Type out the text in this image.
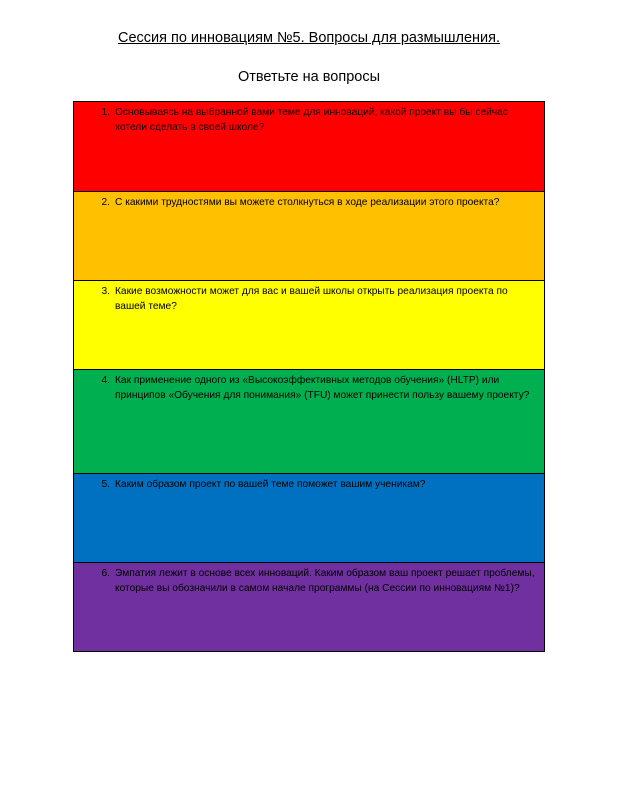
Сессия по инновациям №5. Вопросы для размышления.
Ответьте на вопросы
1. Основываясь на выбранной вами теме для инноваций, какой проект вы бы сейчас хотели сделать в своей школе?
2. С какими трудностями вы можете столкнуться в ходе реализации этого проекта?
3. Какие возможности может для вас и вашей школы открыть реализация проекта по вашей теме?
4. Как применение одного из «Высокоэффективных методов обучения» (HLTP) или принципов «Обучения для понимания» (TFU) может принести пользу вашему проекту?
5. Каким образом проект по вашей теме поможет вашим ученикам?
6. Эмпатия лежит в основе всех инноваций. Каким образом ваш проект решает проблемы, которые вы обозначили в самом начале программы (на Сессии по инновациям №1)?
